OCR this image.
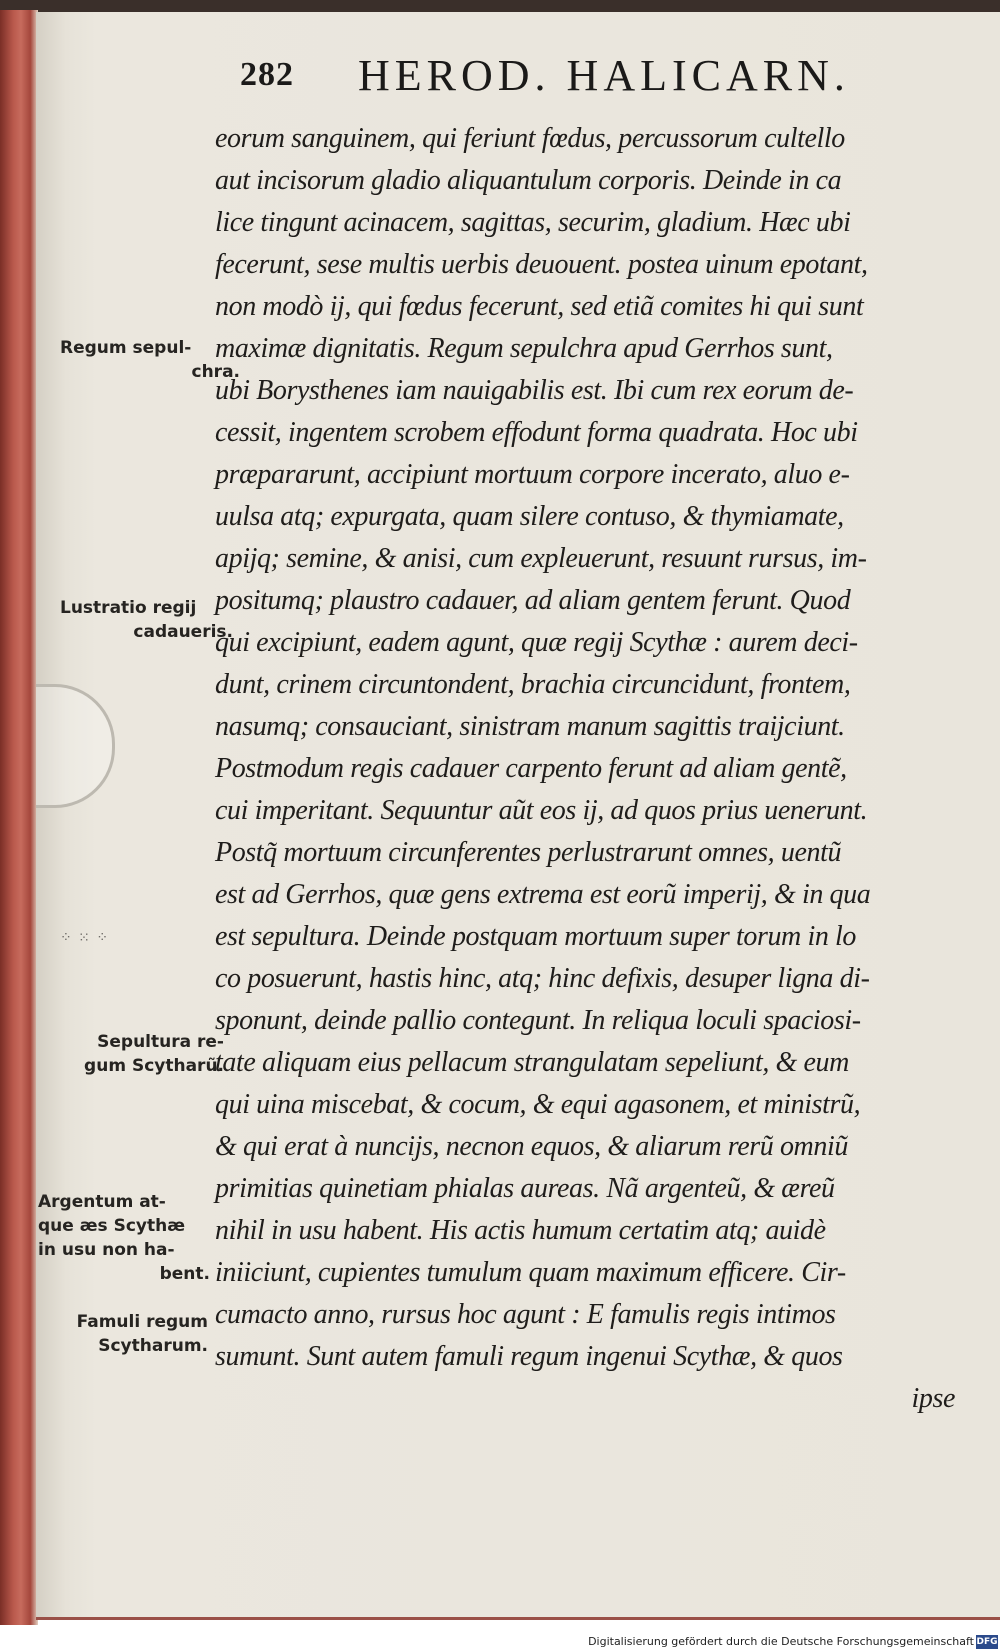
282 HEROD. HALICARN.
eorum sanguinem, qui feriunt fœdus, percussorum cultello
aut incisorum gladio aliquantulum corporis. Deinde in ca
lice tingunt acinacem, sagittas, securim, gladium. Hæc ubi
fecerunt, sese multis uerbis deuouent. postea uinum epotant,
non modò ij, qui fœdus fecerunt, sed etiã comites hi qui sunt
maximæ dignitatis. Regum sepulchra apud Gerrhos sunt,
ubi Borysthenes iam nauigabilis est. Ibi cum rex eorum de-
cessit, ingentem scrobem effodunt forma quadrata. Hoc ubi
præpararunt, accipiunt mortuum corpore incerato, aluo e-
uulsa atq; expurgata, quam silere contuso, & thymiamate,
apijq; semine, & anisi, cum expleuerunt, resuunt rursus, im-
positumq; plaustro cadauer, ad aliam gentem ferunt. Quod
qui excipiunt, eadem agunt, quæ regij Scythæ : aurem deci-
dunt, crinem circuntondent, brachia circuncidunt, frontem,
nasumq; consauciant, sinistram manum sagittis traijciunt.
Postmodum regis cadauer carpento ferunt ad aliam gentẽ,
cui imperitant. Sequuntur aũt eos ij, ad quos prius uenerunt.
Postq̃ mortuum circunferentes perlustrarunt omnes, uentũ
est ad Gerrhos, quæ gens extrema est eorũ imperij, & in qua
est sepultura. Deinde postquam mortuum super torum in lo
co posuerunt, hastis hinc, atq; hinc defixis, desuper ligna di-
sponunt, deinde pallio contegunt. In reliqua loculi spaciosi-
tate aliquam eius pellacum strangulatam sepeliunt, & eum
qui uina miscebat, & cocum, & equi agasonem, et ministrũ,
& qui erat à nuncijs, necnon equos, & aliarum rerũ omniũ
primitias quinetiam phialas aureas. Nã argenteũ, & æreũ
nihil in usu habent. His actis humum certatim atq; auidè
iniiciunt, cupientes tumulum quam maximum efficere. Cir-
cumacto anno, rursus hoc agunt : E famulis regis intimos
sumunt. Sunt autem famuli regum ingenui Scythæ, & quos
ipse
Regum sepul-
chra.
Lustratio regij
cadaueris.
⁘ ⁙ ⁘
Sepultura re-
gum Scytharũ.
Argentum at-
que æs Scythæ
in usu non ha-
bent.
Famuli regum
Scytharum.
Digitalisierung gefördert durch die Deutsche Forschungsgemeinschaft DFG
